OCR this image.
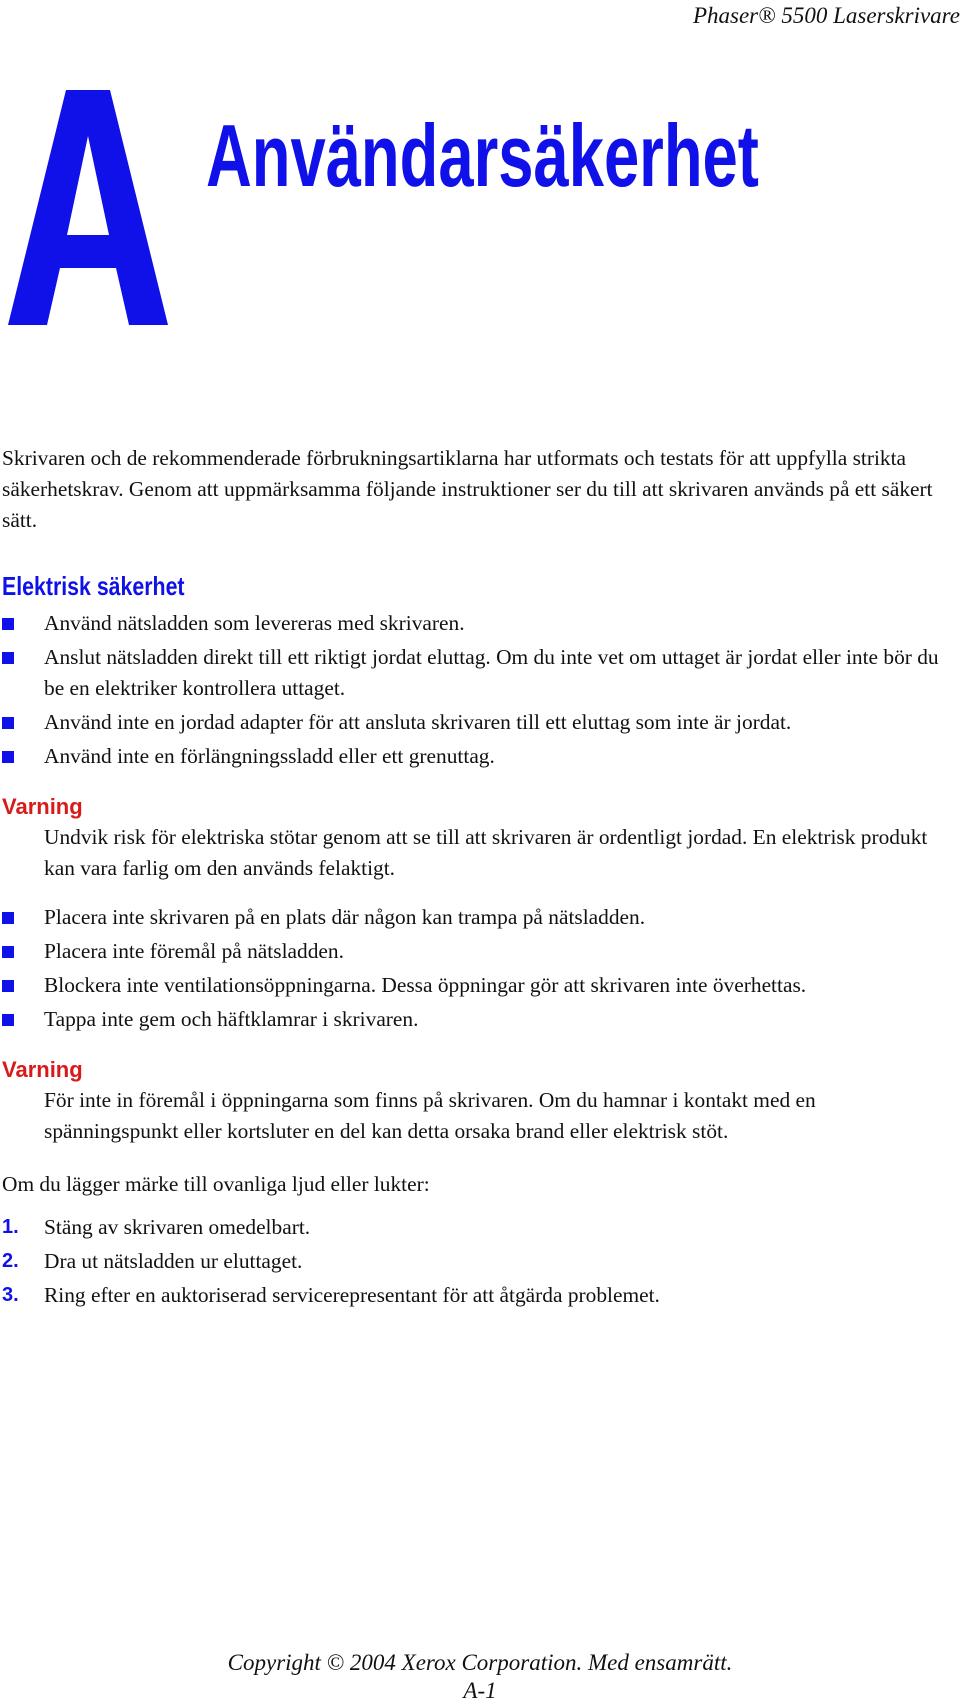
Phaser® 5500 Laserskrivare
Användarsäkerhet

Skrivaren och de rekommenderade förbrukningsartiklarna har utformats och testats för att uppfylla strikta säkerhetskrav. Genom att uppmärksamma följande instruktioner ser du till att skrivaren används på ett säkert sätt.

Elektrisk säkerhet
Använd nätsladden som levereras med skrivaren.
Anslut nätsladden direkt till ett riktigt jordat eluttag. Om du inte vet om uttaget är jordat eller inte bör du be en elektriker kontrollera uttaget.
Använd inte en jordad adapter för att ansluta skrivaren till ett eluttag som inte är jordat.
Använd inte en förlängningssladd eller ett grenuttag.

Varning

Undvik risk för elektriska stötar genom att se till att skrivaren är ordentligt jordad. En elektrisk produkt kan vara farlig om den används felaktigt.

Placera inte skrivaren på en plats där någon kan trampa på nätsladden.
Placera inte föremål på nätsladden.
Blockera inte ventilationsöppningarna. Dessa öppningar gör att skrivaren inte överhettas.
Tappa inte gem och häftklamrar i skrivaren.

Varning

För inte in föremål i öppningarna som finns på skrivaren. Om du hamnar i kontakt med en spänningspunkt eller kortsluter en del kan detta orsaka brand eller elektrisk stöt.

Om du lägger märke till ovanliga ljud eller lukter:

1. Stäng av skrivaren omedelbart.
2. Dra ut nätsladden ur eluttaget.
3. Ring efter en auktoriserad servicerepresentant för att åtgärda problemet.
Copyright © 2004 Xerox Corporation. Med ensamrätt.
A-1
